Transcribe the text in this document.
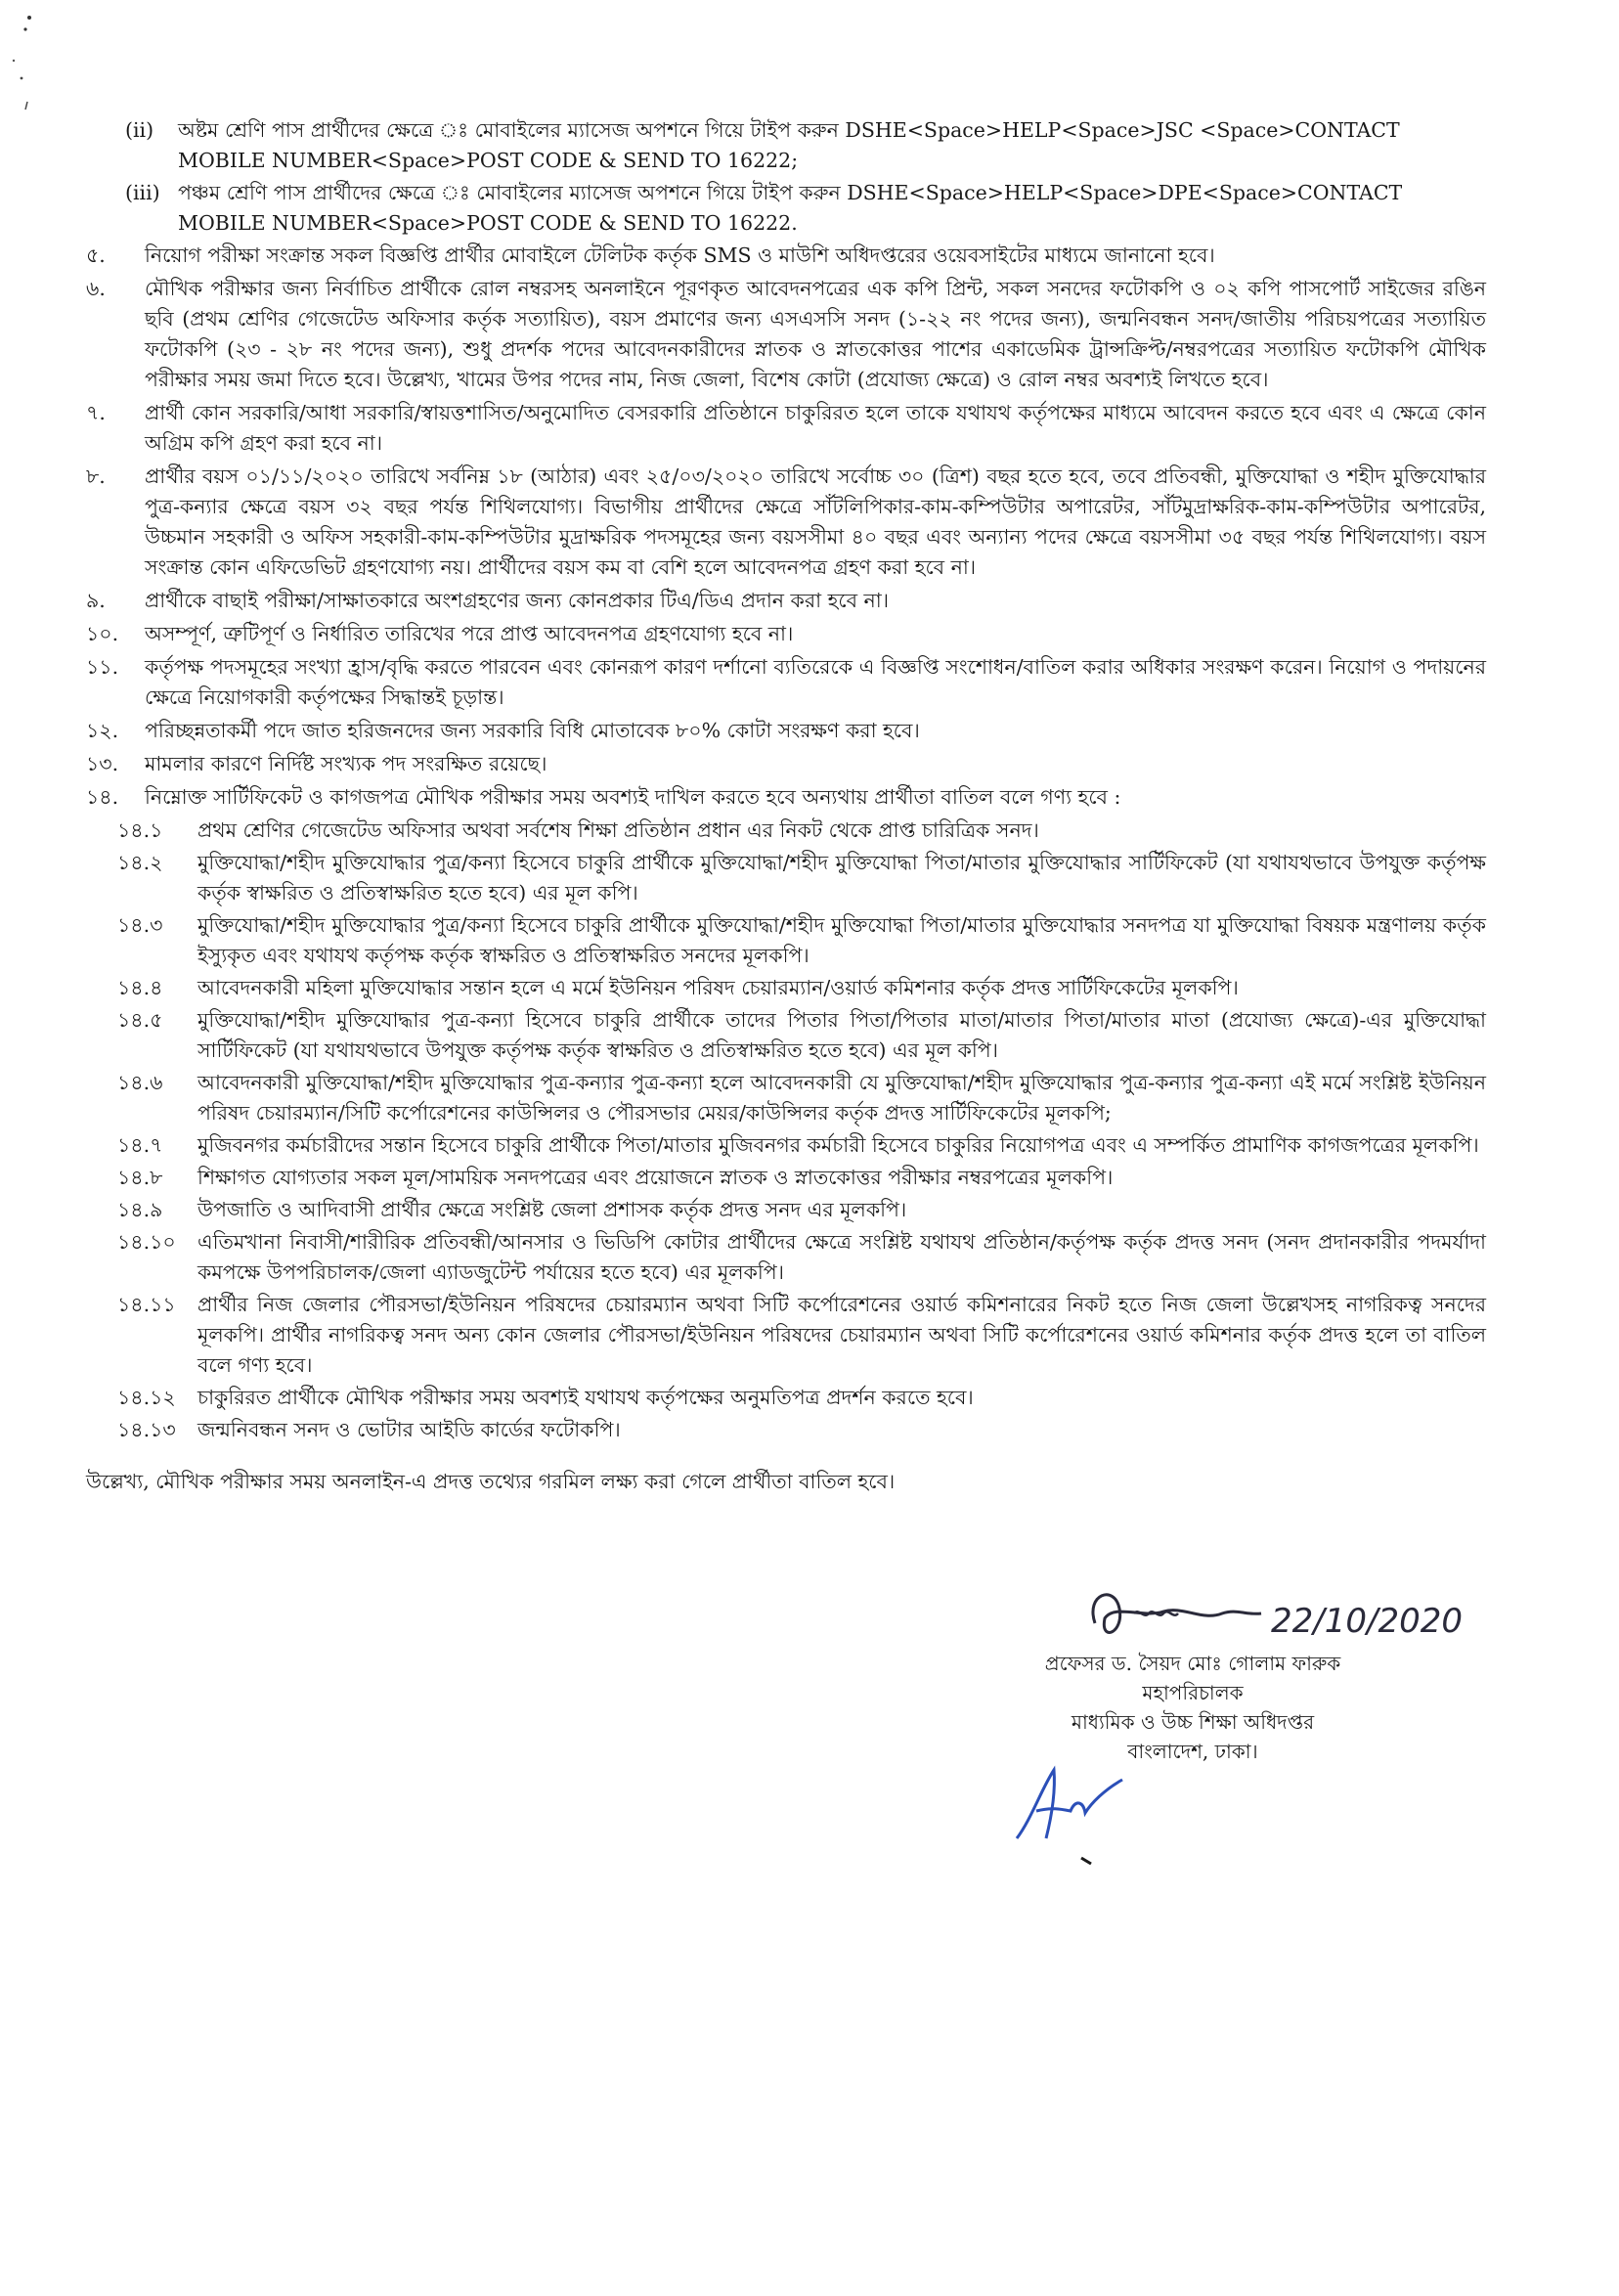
(ii) অষ্টম শ্রেণি পাস প্রার্থীদের ক্ষেত্রে ঃ মোবাইলের ম্যাসেজ অপশনে গিয়ে টাইপ করুন DSHE<Space>HELP<Space>JSC <Space>CONTACT MOBILE NUMBER<Space>POST CODE & SEND TO 16222;
(iii) পঞ্চম শ্রেণি পাস প্রার্থীদের ক্ষেত্রে ঃ মোবাইলের ম্যাসেজ অপশনে গিয়ে টাইপ করুন DSHE<Space>HELP<Space>DPE<Space>CONTACT MOBILE NUMBER<Space>POST CODE & SEND TO 16222.
৫. নিয়োগ পরীক্ষা সংক্রান্ত সকল বিজ্ঞপ্তি প্রার্থীর মোবাইলে টেলিটক কর্তৃক SMS ও মাউশি অধিদপ্তরের ওয়েবসাইটের মাধ্যমে জানানো হবে।
৬. মৌখিক পরীক্ষার জন্য নির্বাচিত প্রার্থীকে রোল নম্বরসহ অনলাইনে পূরণকৃত আবেদনপত্রের এক কপি প্রিন্ট, সকল সনদের ফটোকপি ও ০২ কপি পাসপোর্ট সাইজের রঙিন ছবি (প্রথম শ্রেণির গেজেটেড অফিসার কর্তৃক সত্যায়িত), বয়স প্রমাণের জন্য এসএসসি সনদ (১-২২ নং পদের জন্য), জন্মনিবন্ধন সনদ/জাতীয় পরিচয়পত্রের সত্যায়িত ফটোকপি (২৩ - ২৮ নং পদের জন্য), শুধু প্রদর্শক পদের আবেদনকারীদের স্নাতক ও স্নাতকোত্তর পাশের একাডেমিক ট্রান্সক্রিপ্ট/নম্বরপত্রের সত্যায়িত ফটোকপি মৌখিক পরীক্ষার সময় জমা দিতে হবে। উল্লেখ্য, খামের উপর পদের নাম, নিজ জেলা, বিশেষ কোটা (প্রযোজ্য ক্ষেত্রে) ও রোল নম্বর অবশ্যই লিখতে হবে।
৭. প্রার্থী কোন সরকারি/আধা সরকারি/স্বায়ত্তশাসিত/অনুমোদিত বেসরকারি প্রতিষ্ঠানে চাকুরিরত হলে তাকে যথাযথ কর্তৃপক্ষের মাধ্যমে আবেদন করতে হবে এবং এ ক্ষেত্রে কোন অগ্রিম কপি গ্রহণ করা হবে না।
৮. প্রার্থীর বয়স ০১/১১/২০২০ তারিখে সর্বনিম্ন ১৮ (আঠার) এবং ২৫/০৩/২০২০ তারিখে সর্বোচ্চ ৩০ (ত্রিশ) বছর হতে হবে, তবে প্রতিবন্ধী, মুক্তিযোদ্ধা ও শহীদ মুক্তিযোদ্ধার পুত্র-কন্যার ক্ষেত্রে বয়স ৩২ বছর পর্যন্ত শিথিলযোগ্য। বিভাগীয় প্রার্থীদের ক্ষেত্রে সাঁটলিপিকার-কাম-কম্পিউটার অপারেটর, সাঁটমুদ্রাক্ষরিক-কাম-কম্পিউটার অপারেটর, উচ্চমান সহকারী ও অফিস সহকারী-কাম-কম্পিউটার মুদ্রাক্ষরিক পদসমূহের জন্য বয়সসীমা ৪০ বছর এবং অন্যান্য পদের ক্ষেত্রে বয়সসীমা ৩৫ বছর পর্যন্ত শিথিলযোগ্য। বয়স সংক্রান্ত কোন এফিডেভিট গ্রহণযোগ্য নয়। প্রার্থীদের বয়স কম বা বেশি হলে আবেদনপত্র গ্রহণ করা হবে না।
৯. প্রার্থীকে বাছাই পরীক্ষা/সাক্ষাতকারে অংশগ্রহণের জন্য কোনপ্রকার টিএ/ডিএ প্রদান করা হবে না।
১০. অসম্পূর্ণ, ত্রুটিপূর্ণ ও নির্ধারিত তারিখের পরে প্রাপ্ত আবেদনপত্র গ্রহণযোগ্য হবে না।
১১. কর্তৃপক্ষ পদসমূহের সংখ্যা হ্রাস/বৃদ্ধি করতে পারবেন এবং কোনরূপ কারণ দর্শানো ব্যতিরেকে এ বিজ্ঞপ্তি সংশোধন/বাতিল করার অধিকার সংরক্ষণ করেন। নিয়োগ ও পদায়নের ক্ষেত্রে নিয়োগকারী কর্তৃপক্ষের সিদ্ধান্তই চূড়ান্ত।
১২. পরিচ্ছন্নতাকর্মী পদে জাত হরিজনদের জন্য সরকারি বিধি মোতাবেক ৮০% কোটা সংরক্ষণ করা হবে।
১৩. মামলার কারণে নির্দিষ্ট সংখ্যক পদ সংরক্ষিত রয়েছে।
১৪. নিম্নোক্ত সার্টিফিকেট ও কাগজপত্র মৌখিক পরীক্ষার সময় অবশ্যই দাখিল করতে হবে অন্যথায় প্রার্থীতা বাতিল বলে গণ্য হবে :
১৪.১ প্রথম শ্রেণির গেজেটেড অফিসার অথবা সর্বশেষ শিক্ষা প্রতিষ্ঠান প্রধান এর নিকট থেকে প্রাপ্ত চারিত্রিক সনদ।
১৪.২ মুক্তিযোদ্ধা/শহীদ মুক্তিযোদ্ধার পুত্র/কন্যা হিসেবে চাকুরি প্রার্থীকে মুক্তিযোদ্ধা/শহীদ মুক্তিযোদ্ধা পিতা/মাতার মুক্তিযোদ্ধার সার্টিফিকেট (যা যথাযথভাবে উপযুক্ত কর্তৃপক্ষ কর্তৃক স্বাক্ষরিত ও প্রতিস্বাক্ষরিত হতে হবে) এর মূল কপি।
১৪.৩ মুক্তিযোদ্ধা/শহীদ মুক্তিযোদ্ধার পুত্র/কন্যা হিসেবে চাকুরি প্রার্থীকে মুক্তিযোদ্ধা/শহীদ মুক্তিযোদ্ধা পিতা/মাতার মুক্তিযোদ্ধার সনদপত্র যা মুক্তিযোদ্ধা বিষয়ক মন্ত্রণালয় কর্তৃক ইস্যুকৃত এবং যথাযথ কর্তৃপক্ষ কর্তৃক স্বাক্ষরিত ও প্রতিস্বাক্ষরিত সনদের মূলকপি।
১৪.৪ আবেদনকারী মহিলা মুক্তিযোদ্ধার সন্তান হলে এ মর্মে ইউনিয়ন পরিষদ চেয়ারম্যান/ওয়ার্ড কমিশনার কর্তৃক প্রদত্ত সার্টিফিকেটের মূলকপি।
১৪.৫ মুক্তিযোদ্ধা/শহীদ মুক্তিযোদ্ধার পুত্র-কন্যা হিসেবে চাকুরি প্রার্থীকে তাদের পিতার পিতা/পিতার মাতা/মাতার পিতা/মাতার মাতা (প্রযোজ্য ক্ষেত্রে)-এর মুক্তিযোদ্ধা সার্টিফিকেট (যা যথাযথভাবে উপযুক্ত কর্তৃপক্ষ কর্তৃক স্বাক্ষরিত ও প্রতিস্বাক্ষরিত হতে হবে) এর মূল কপি।
১৪.৬ আবেদনকারী মুক্তিযোদ্ধা/শহীদ মুক্তিযোদ্ধার পুত্র-কন্যার পুত্র-কন্যা হলে আবেদনকারী যে মুক্তিযোদ্ধা/শহীদ মুক্তিযোদ্ধার পুত্র-কন্যার পুত্র-কন্যা এই মর্মে সংশ্লিষ্ট ইউনিয়ন পরিষদ চেয়ারম্যান/সিটি কর্পোরেশনের কাউন্সিলর ও পৌরসভার মেয়র/কাউন্সিলর কর্তৃক প্রদত্ত সার্টিফিকেটের মূলকপি;
১৪.৭ মুজিবনগর কর্মচারীদের সন্তান হিসেবে চাকুরি প্রার্থীকে পিতা/মাতার মুজিবনগর কর্মচারী হিসেবে চাকুরির নিয়োগপত্র এবং এ সম্পর্কিত প্রামাণিক কাগজপত্রের মূলকপি।
১৪.৮ শিক্ষাগত যোগ্যতার সকল মূল/সাময়িক সনদপত্রের এবং প্রয়োজনে স্নাতক ও স্নাতকোত্তর পরীক্ষার নম্বরপত্রের মূলকপি।
১৪.৯ উপজাতি ও আদিবাসী প্রার্থীর ক্ষেত্রে সংশ্লিষ্ট জেলা প্রশাসক কর্তৃক প্রদত্ত সনদ এর মূলকপি।
১৪.১০ এতিমখানা নিবাসী/শারীরিক প্রতিবন্ধী/আনসার ও ভিডিপি কোটার প্রার্থীদের ক্ষেত্রে সংশ্লিষ্ট যথাযথ প্রতিষ্ঠান/কর্তৃপক্ষ কর্তৃক প্রদত্ত সনদ (সনদ প্রদানকারীর পদমর্যাদা কমপক্ষে উপপরিচালক/জেলা এ্যাডজুটেন্ট পর্যায়ের হতে হবে) এর মূলকপি।
১৪.১১ প্রার্থীর নিজ জেলার পৌরসভা/ইউনিয়ন পরিষদের চেয়ারম্যান অথবা সিটি কর্পোরেশনের ওয়ার্ড কমিশনারের নিকট হতে নিজ জেলা উল্লেখসহ নাগরিকত্ব সনদের মূলকপি। প্রার্থীর নাগরিকত্ব সনদ অন্য কোন জেলার পৌরসভা/ইউনিয়ন পরিষদের চেয়ারম্যান অথবা সিটি কর্পোরেশনের ওয়ার্ড কমিশনার কর্তৃক প্রদত্ত হলে তা বাতিল বলে গণ্য হবে।
১৪.১২ চাকুরিরত প্রার্থীকে মৌখিক পরীক্ষার সময় অবশ্যই যথাযথ কর্তৃপক্ষের অনুমতিপত্র প্রদর্শন করতে হবে।
১৪.১৩ জন্মনিবন্ধন সনদ ও ভোটার আইডি কার্ডের ফটোকপি।
উল্লেখ্য, মৌখিক পরীক্ষার সময় অনলাইন-এ প্রদত্ত তথ্যের গরমিল লক্ষ্য করা গেলে প্রার্থীতা বাতিল হবে।
22/10/2020
প্রফেসর ড. সৈয়দ মোঃ গোলাম ফারুক
মহাপরিচালক
মাধ্যমিক ও উচ্চ শিক্ষা অধিদপ্তর
বাংলাদেশ, ঢাকা।
